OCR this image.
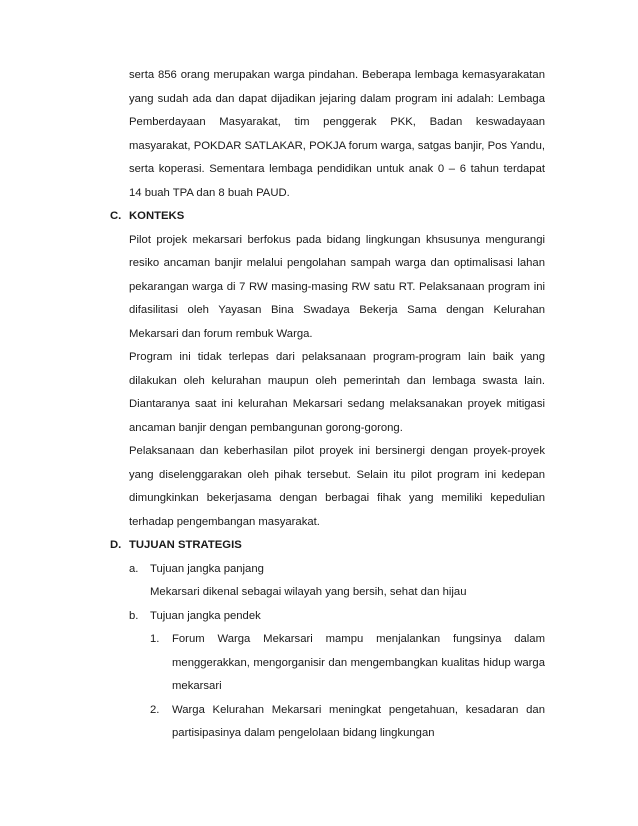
serta 856 orang merupakan warga pindahan. Beberapa lembaga kemasyarakatan
yang sudah ada dan dapat dijadikan jejaring dalam program ini adalah: Lembaga
Pemberdayaan Masyarakat, tim penggerak PKK, Badan keswadayaan
masyarakat, POKDAR SATLAKAR, POKJA forum warga, satgas banjir, Pos Yandu,
serta koperasi. Sementara lembaga pendidikan untuk anak 0 – 6 tahun terdapat
14 buah TPA dan 8 buah PAUD.
C. KONTEKS
Pilot projek mekarsari berfokus pada bidang lingkungan khsusunya mengurangi
resiko ancaman banjir melalui pengolahan sampah warga dan optimalisasi lahan
pekarangan warga di 7 RW masing-masing RW satu RT. Pelaksanaan program ini
difasilitasi oleh Yayasan Bina Swadaya Bekerja Sama dengan Kelurahan
Mekarsari dan forum rembuk Warga.
Program ini tidak terlepas dari pelaksanaan program-program lain baik yang
dilakukan oleh kelurahan maupun oleh pemerintah dan lembaga swasta lain.
Diantaranya saat ini kelurahan Mekarsari sedang melaksanakan proyek mitigasi
ancaman banjir dengan pembangunan gorong-gorong.
Pelaksanaan dan keberhasilan pilot proyek ini bersinergi dengan proyek-proyek
yang diselenggarakan oleh pihak tersebut. Selain itu pilot program ini kedepan
dimungkinkan bekerjasama dengan berbagai fihak yang memiliki kepedulian
terhadap pengembangan masyarakat.
D. TUJUAN STRATEGIS
a. Tujuan jangka panjang
Mekarsari dikenal sebagai wilayah yang bersih, sehat dan hijau
b. Tujuan jangka pendek
1. Forum Warga Mekarsari mampu menjalankan fungsinya dalam
menggerakkan, mengorganisir dan mengembangkan kualitas hidup warga
mekarsari
2. Warga Kelurahan Mekarsari meningkat pengetahuan, kesadaran dan
partisipasinya dalam pengelolaan bidang lingkungan
